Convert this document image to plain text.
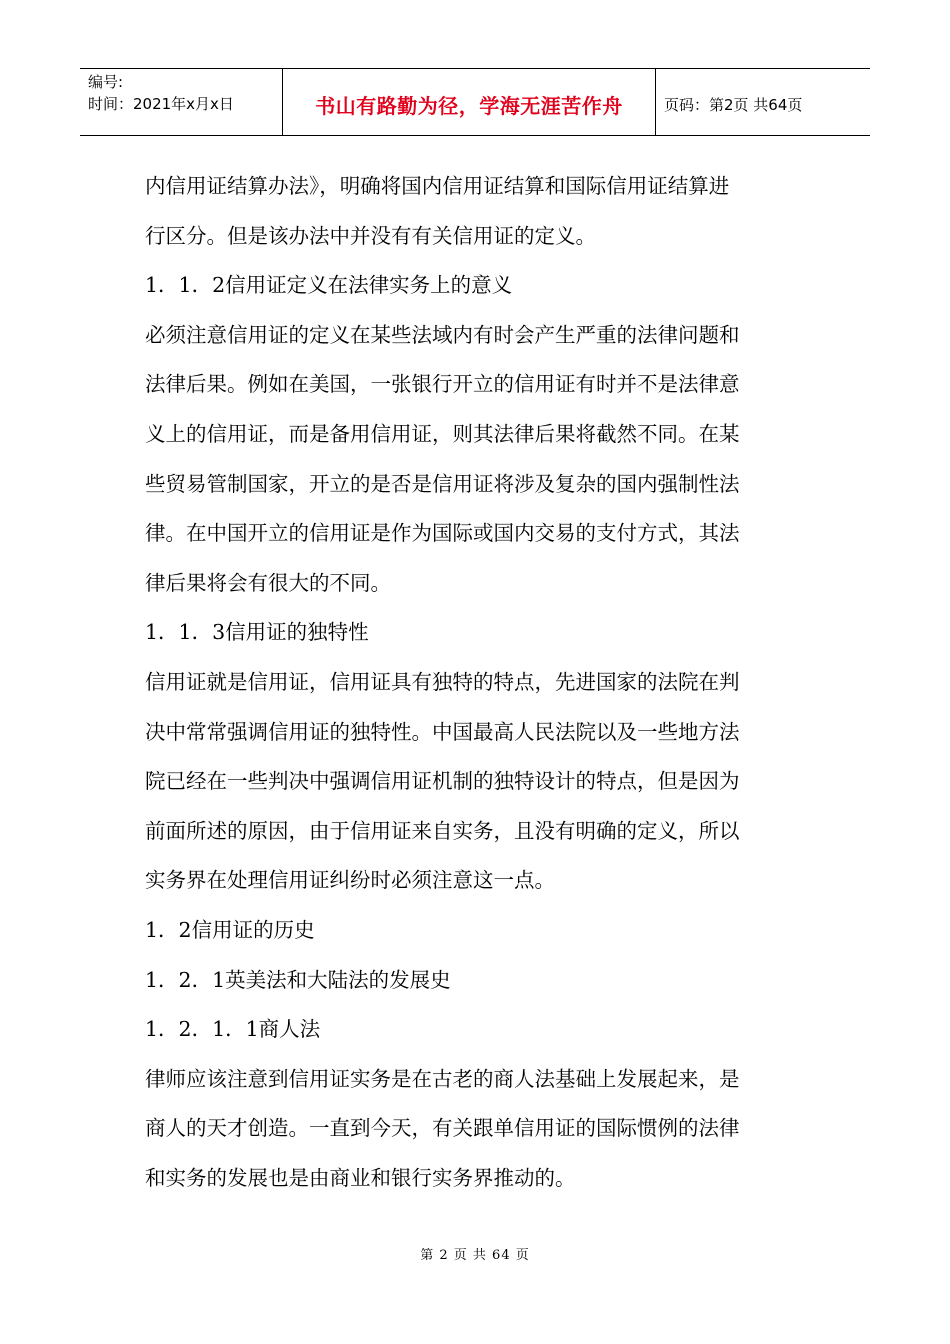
编号:
时间：2021年x月x日	书山有路勤为径，学海无涯苦作舟	页码：第2页 共64页
内信用证结算办法》，明确将国内信用证结算和国际信用证结算进
行区分。但是该办法中并没有有关信用证的定义。
1．1．2信用证定义在法律实务上的意义
必须注意信用证的定义在某些法域内有时会产生严重的法律问题和
法律后果。例如在美国，一张银行开立的信用证有时并不是法律意
义上的信用证，而是备用信用证，则其法律后果将截然不同。在某
些贸易管制国家，开立的是否是信用证将涉及复杂的国内强制性法
律。在中国开立的信用证是作为国际或国内交易的支付方式，其法
律后果将会有很大的不同。
1．1．3信用证的独特性
信用证就是信用证，信用证具有独特的特点，先进国家的法院在判
决中常常强调信用证的独特性。中国最高人民法院以及一些地方法
院已经在一些判决中强调信用证机制的独特设计的特点，但是因为
前面所述的原因，由于信用证来自实务，且没有明确的定义，所以
实务界在处理信用证纠纷时必须注意这一点。
1．2信用证的历史
1．2．1英美法和大陆法的发展史
1．2．1．1商人法
律师应该注意到信用证实务是在古老的商人法基础上发展起来，是
商人的天才创造。一直到今天，有关跟单信用证的国际惯例的法律
和实务的发展也是由商业和银行实务界推动的。
第 2 页 共 64 页
